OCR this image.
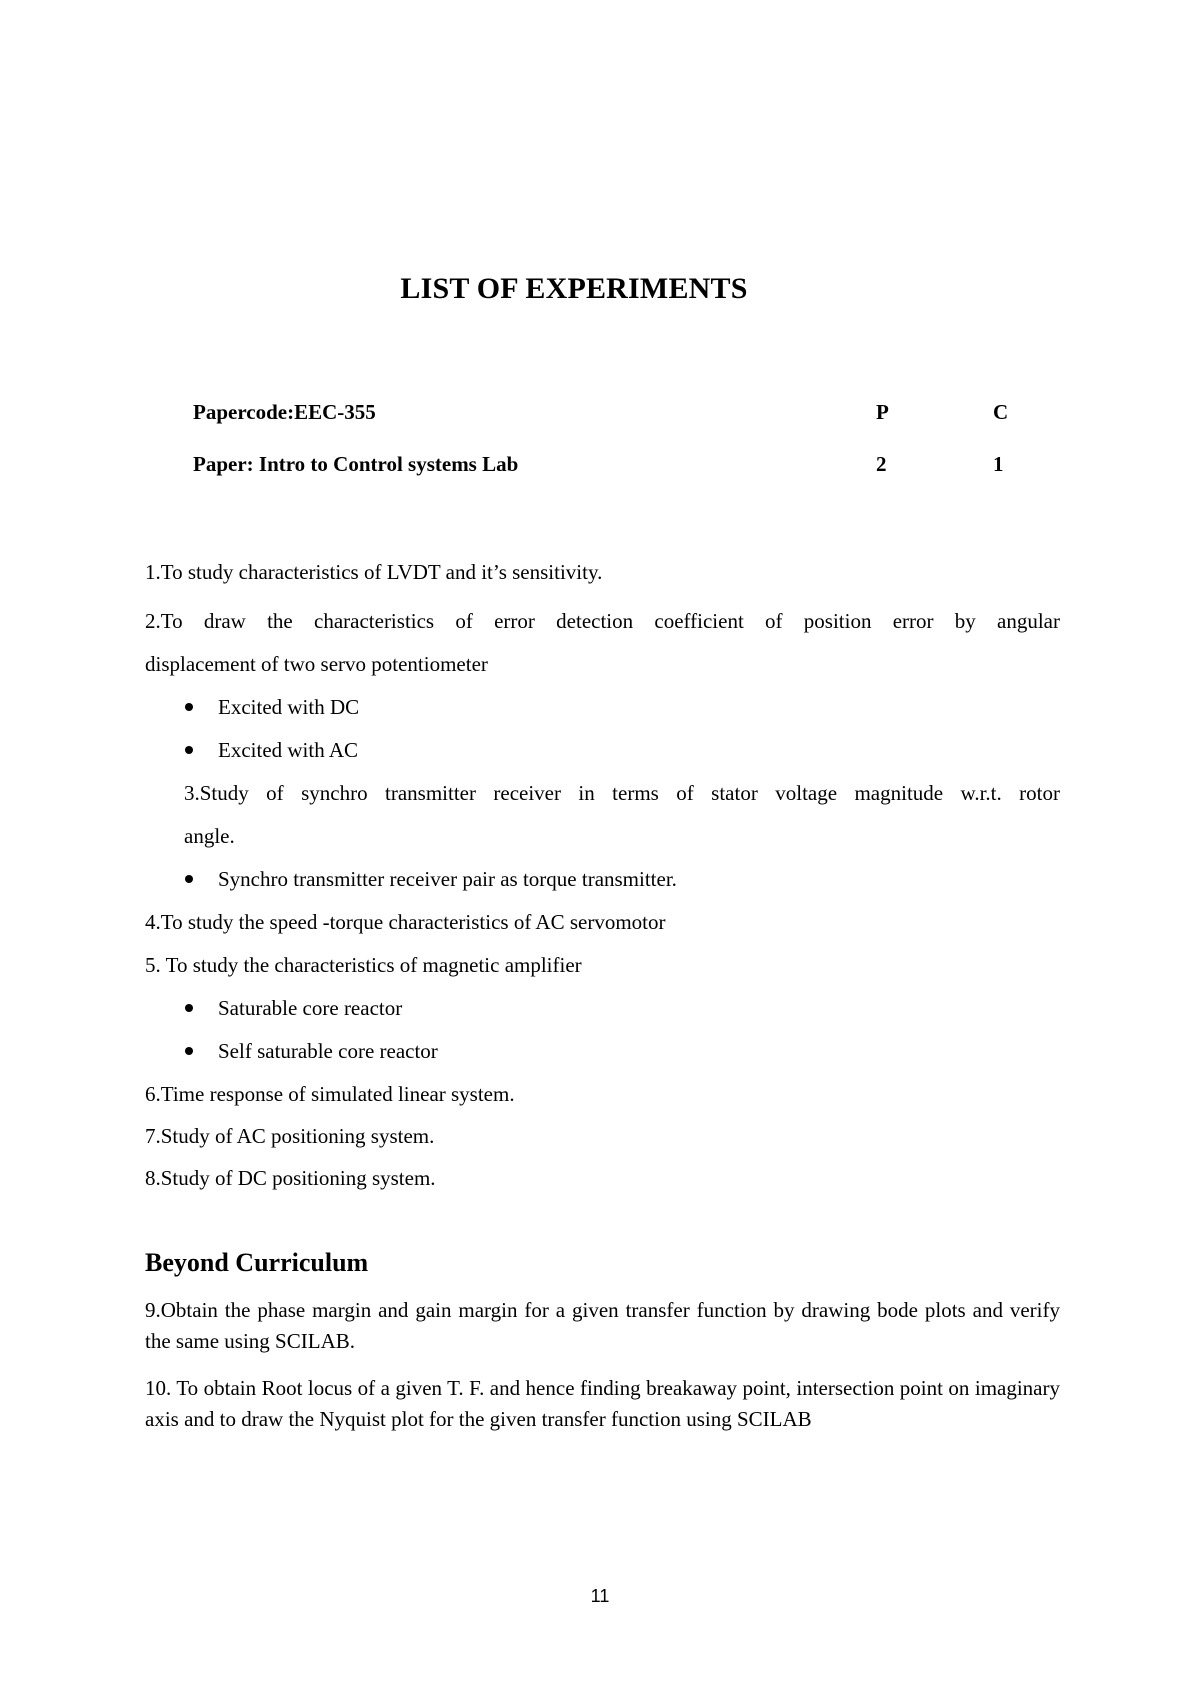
LIST OF EXPERIMENTS
Papercode:EEC-355	P	C
Paper: Intro to Control systems Lab	2	1
1.To study characteristics of LVDT and it’s sensitivity.
2.To draw the characteristics of error detection coefficient of position error by angular
displacement of two servo potentiometer
Excited with DC
Excited with AC
3.Study of synchro transmitter receiver in terms of stator voltage magnitude w.r.t. rotor
angle.
Synchro transmitter receiver pair as torque transmitter.
4.To study the speed -torque characteristics of AC servomotor
5. To study the characteristics of magnetic amplifier
Saturable core reactor
Self saturable core reactor
6.Time response of simulated linear system.
7.Study of AC positioning system.
8.Study of DC positioning system.
Beyond Curriculum
9.Obtain the phase margin and gain margin for a given transfer function by drawing bode plots and verify the same using SCILAB.
10. To obtain Root locus of a given T. F. and hence finding breakaway point, intersection point on imaginary axis and to draw the Nyquist plot for the given transfer function using SCILAB
11
